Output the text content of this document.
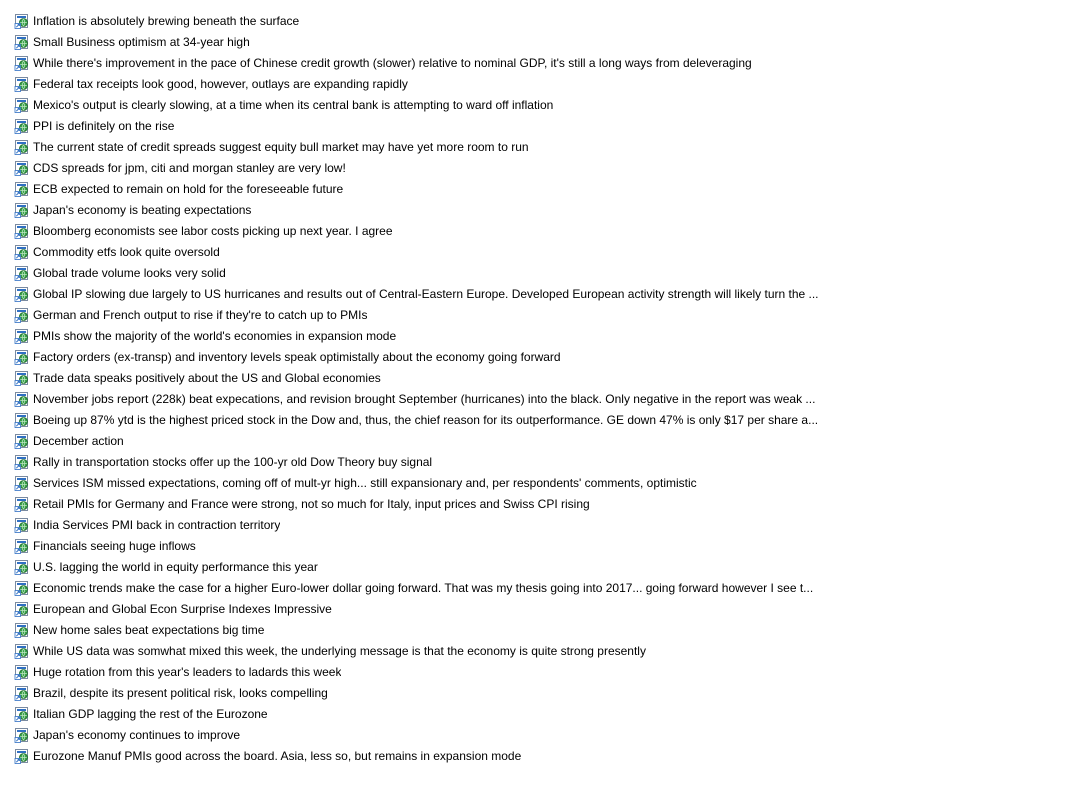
Inflation is absolutely brewing beneath the surface
Small Business optimism at 34-year high
While there's improvement in the pace of Chinese credit growth (slower) relative to nominal GDP, it's still a long ways from deleveraging
Federal tax receipts look good, however, outlays are expanding rapidly
Mexico's output is clearly slowing, at a time when its central bank is attempting to ward off inflation
PPI is definitely on the rise
The current state of credit spreads suggest equity bull market may have yet more room to run
CDS spreads for jpm, citi and morgan stanley are very low!
ECB expected to remain on hold for the foreseeable future
Japan's economy is beating expectations
Bloomberg economists see labor costs picking up next year. I agree
Commodity etfs look quite oversold
Global trade volume looks very solid
Global IP slowing due largely to US hurricanes and results out of Central-Eastern Europe. Developed European activity strength will likely turn the ...
German and French output to rise if they're to catch up to PMIs
PMIs show the majority of the world's economies in expansion mode
Factory orders (ex-transp) and inventory levels speak optimistally about the economy going forward
Trade data speaks positively about the US and Global economies
November jobs report (228k) beat expecations, and revision brought September (hurricanes) into the black. Only negative in the report was weak ...
Boeing up 87% ytd is the highest priced stock in the Dow and, thus, the chief reason for its outperformance. GE down 47% is only $17 per share a...
December action
Rally in transportation stocks offer up the 100-yr old Dow Theory buy signal
Services ISM missed expectations, coming off of mult-yr high... still expansionary and, per respondents' comments, optimistic
Retail PMIs for Germany and France were strong, not so much for Italy, input prices and Swiss CPI rising
India Services PMI back in contraction territory
Financials seeing huge inflows
U.S. lagging the world in equity performance this year
Economic trends make the case for a higher Euro-lower dollar going forward. That was my thesis going into 2017... going forward however I see t...
European and Global Econ Surprise Indexes Impressive
New home sales beat expectations big time
While US data was somwhat mixed this week, the underlying message is that the economy is quite strong presently
Huge rotation from this year's leaders to ladards this week
Brazil, despite its present political risk, looks compelling
Italian GDP lagging the rest of the Eurozone
Japan's economy continues to improve
Eurozone Manuf PMIs good across the board. Asia, less so, but remains in expansion mode
